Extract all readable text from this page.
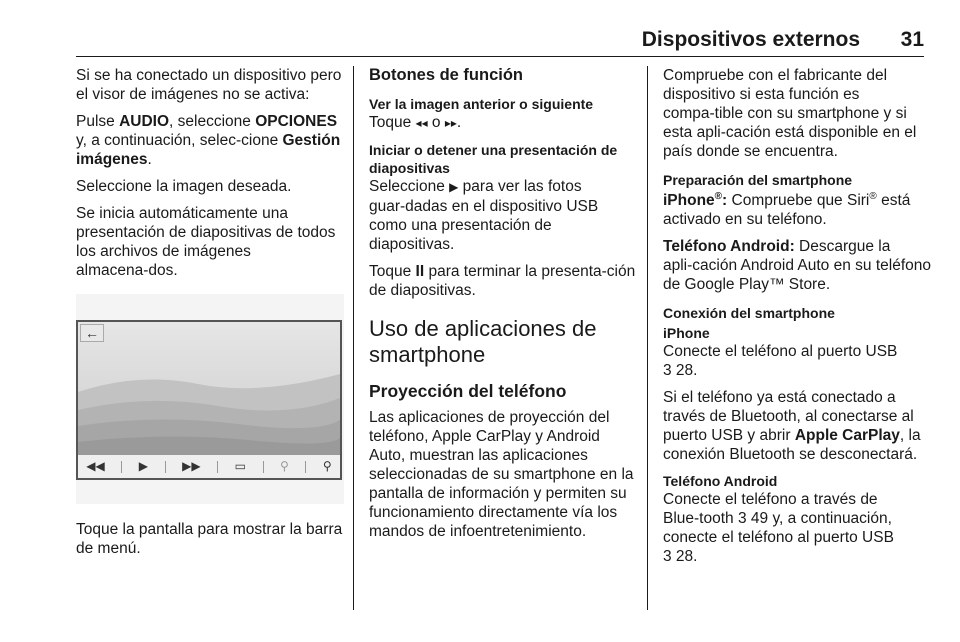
Dispositivos externos 31

Si se ha conectado un dispositivo pero el visor de imágenes no se activa:

Pulse AUDIO, seleccione OPCIONES y, a continuación, selec‑cione Gestión imágenes.

Seleccione la imagen deseada.

Se inicia automáticamente una presentación de diapositivas de todos los archivos de imágenes almacena‑dos.

←
◀◀	▶	▶▶	▭	⚲	⚲

Toque la pantalla para mostrar la barra de menú.

Botones de función
Ver la imagen anterior o siguiente

Toque ◂◂ o ▸▸.

Iniciar o detener una presentación de diapositivas

Seleccione ▶ para ver las fotos guar‑dadas en el dispositivo USB como una presentación de diapositivas.

Toque II para terminar la presenta‑ción de diapositivas.

Uso de aplicaciones de smartphone
Proyección del teléfono

Las aplicaciones de proyección del teléfono, Apple CarPlay y Android Auto, muestran las aplicaciones seleccionadas de su smartphone en la pantalla de información y permiten su funcionamiento directamente vía los mandos de infoentretenimiento.

Compruebe con el fabricante del dispositivo si esta función es compa‑tible con su smartphone y si esta apli‑cación está disponible en el país donde se encuentra.

Preparación del smartphone

iPhone®: Compruebe que Siri® está activado en su teléfono.

Teléfono Android: Descargue la apli‑cación Android Auto en su teléfono de Google Play™ Store.

Conexión del smartphone
iPhone
Conecte el teléfono al puerto USB

3 28.

Si el teléfono ya está conectado a través de Bluetooth, al conectarse al puerto USB y abrir Apple CarPlay, la conexión Bluetooth se desconectará.

Teléfono Android
Conecte el teléfono a través de Blue‑tooth 3 49 y, a continuación, conecte el teléfono al puerto USB

3 28.
